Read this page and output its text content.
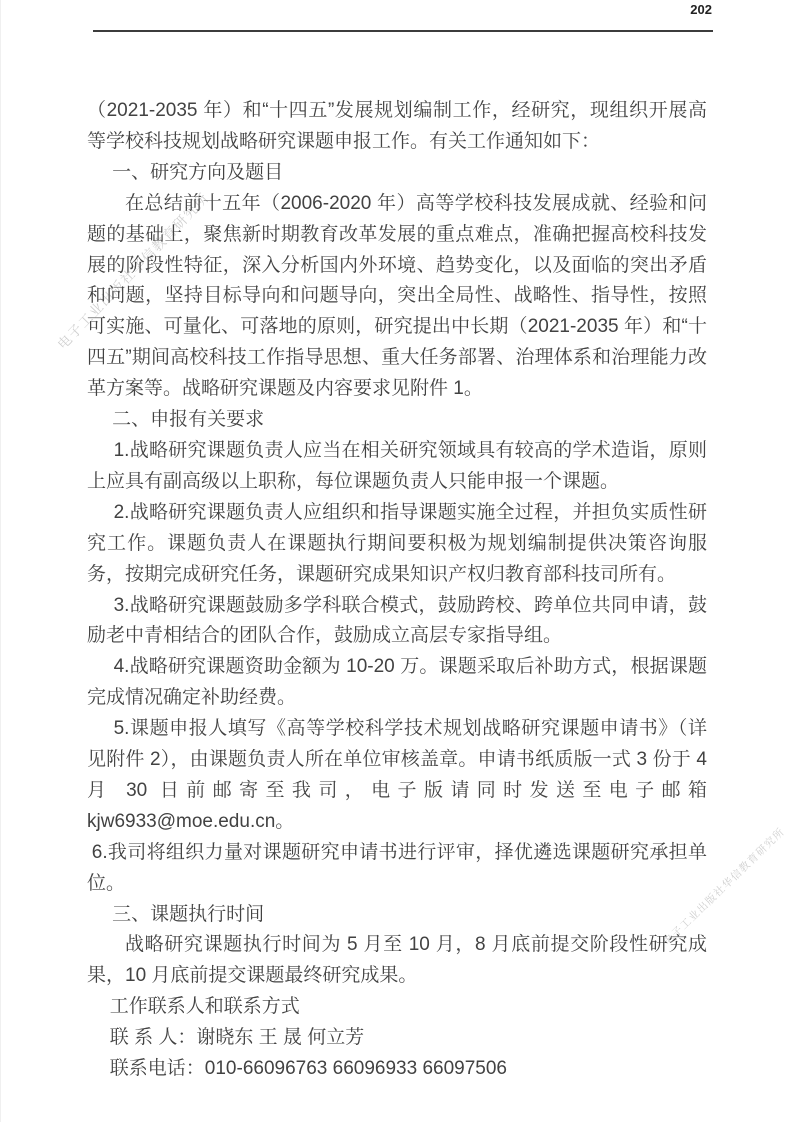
202
电子工业出版社华信教育研究所
电子工业出版社华信教育研究所

（2021-2035 年）和“十四五”发展规划编制工作，经研究，现组织开展高等学校科技规划战略研究课题申报工作。有关工作通知如下：

一、研究方向及题目

在总结前十五年（2006-2020 年）高等学校科技发展成就、经验和问题的基础上，聚焦新时期教育改革发展的重点难点，准确把握高校科技发展的阶段性特征，深入分析国内外环境、趋势变化，以及面临的突出矛盾和问题，坚持目标导向和问题导向，突出全局性、战略性、指导性，按照可实施、可量化、可落地的原则，研究提出中长期（2021-2035 年）和“十四五”期间高校科技工作指导思想、重大任务部署、治理体系和治理能力改革方案等。战略研究课题及内容要求见附件 1。

二、申报有关要求

1.战略研究课题负责人应当在相关研究领域具有较高的学术造诣，原则上应具有副高级以上职称，每位课题负责人只能申报一个课题。

2.战略研究课题负责人应组织和指导课题实施全过程，并担负实质性研究工作。课题负责人在课题执行期间要积极为规划编制提供决策咨询服务，按期完成研究任务，课题研究成果知识产权归教育部科技司所有。

3.战略研究课题鼓励多学科联合模式，鼓励跨校、跨单位共同申请，鼓励老中青相结合的团队合作，鼓励成立高层专家指导组。

4.战略研究课题资助金额为 10-20 万。课题采取后补助方式，根据课题完成情况确定补助经费。

5.课题申报人填写《高等学校科学技术规划战略研究课题申请书》（详见附件 2），由课题负责人所在单位审核盖章。申请书纸质版一式 3 份于 4 月 30 日前邮寄至我司，电子版请同时发送至电子邮箱 kjw6933@moe.edu.cn。

6.我司将组织力量对课题研究申请书进行评审，择优遴选课题研究承担单位。

三、课题执行时间

战略研究课题执行时间为 5 月至 10 月，8 月底前提交阶段性研究成果，10 月底前提交课题最终研究成果。

工作联系人和联系方式

联 系 人：谢晓东 王 晟 何立芳

联系电话：010-66096763 66096933 66097506
